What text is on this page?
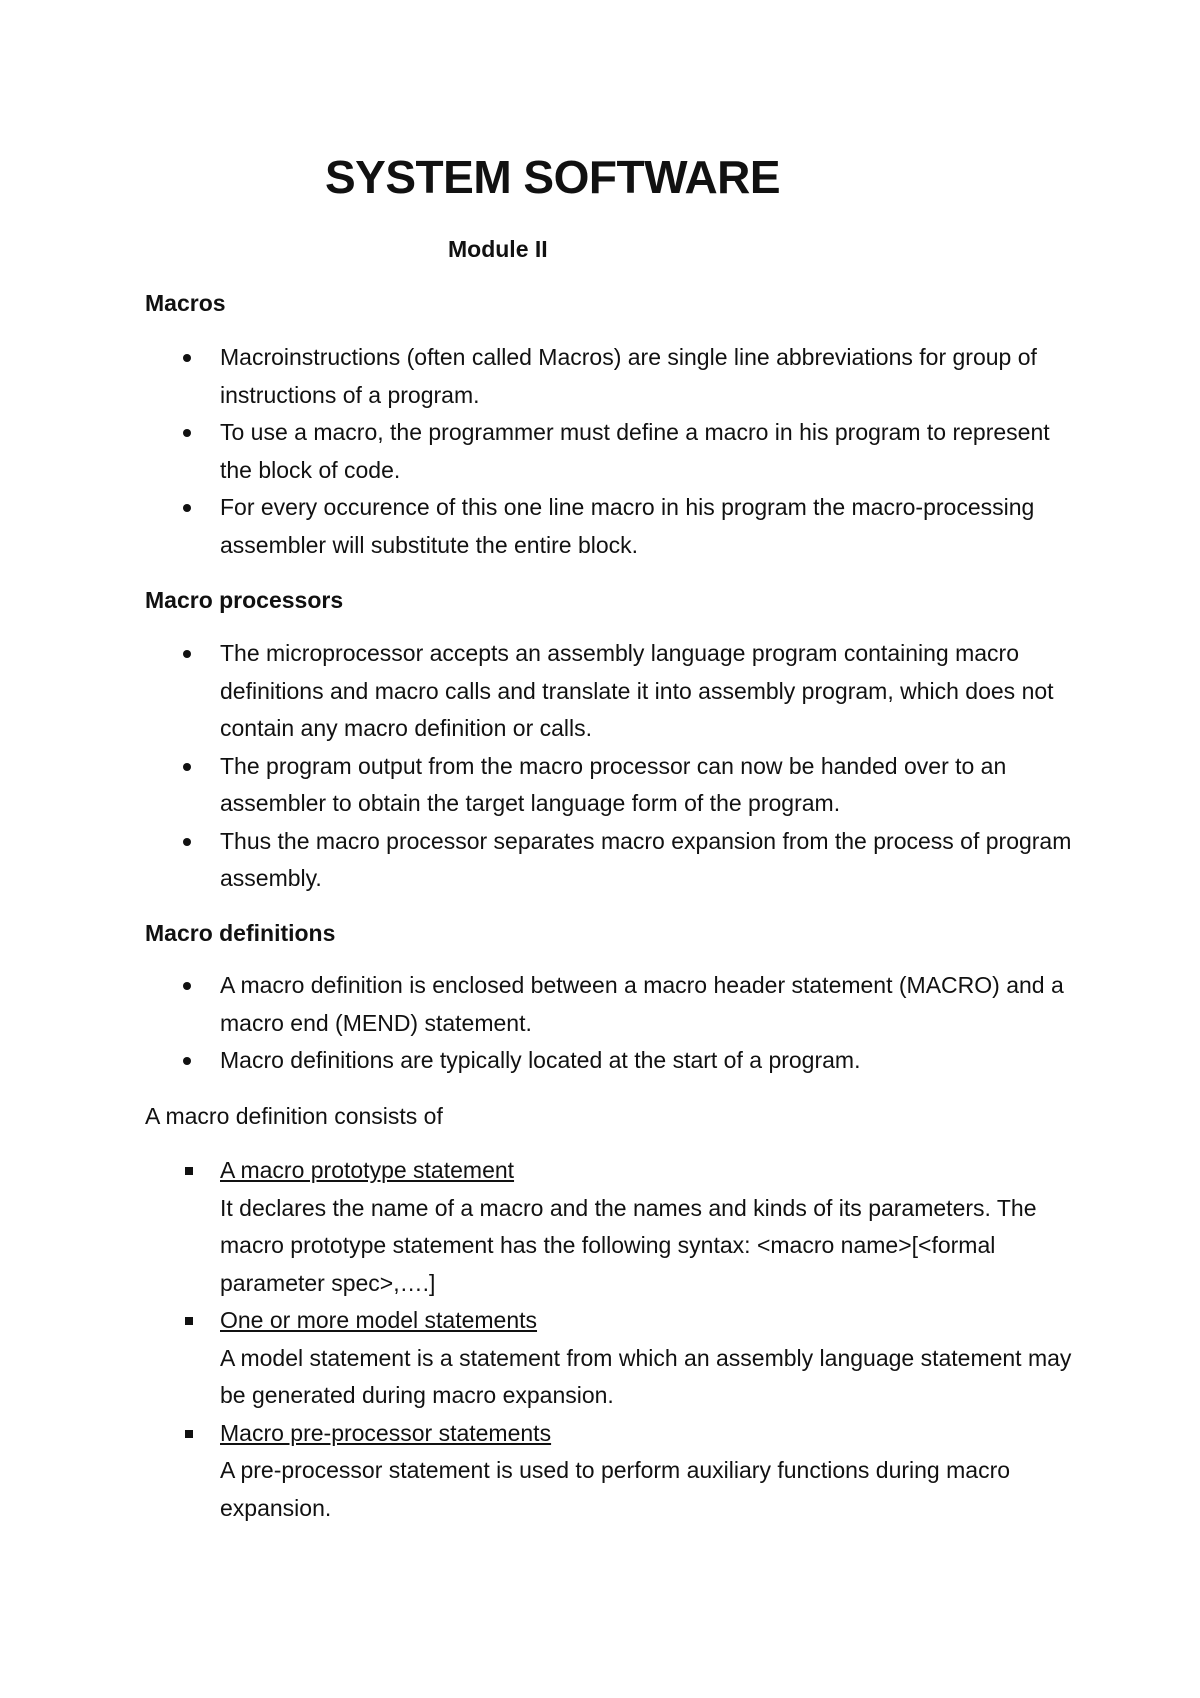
SYSTEM SOFTWARE
Module II
Macros
Macroinstructions (often called Macros) are single line abbreviations for group of instructions of a program.
To use a macro, the programmer must define a macro in his program to represent the block of code.
For every occurence of this one line macro in his program the macro-processing assembler will substitute the entire block.
Macro processors
The microprocessor accepts an assembly language program containing macro definitions and macro calls and translate it into assembly program, which does not contain any macro definition or calls.
The program output from the macro processor can now be handed over to an assembler to obtain the target language form of the program.
Thus the macro processor separates macro expansion from the process of program assembly.
Macro definitions
A macro definition is enclosed between a macro header statement (MACRO) and a macro end (MEND) statement.
Macro definitions are typically located at the start of a program.
A macro definition consists of
A macro prototype statement
It declares the name of a macro and the names and kinds of its parameters. The macro prototype statement has the following syntax: <macro name>[<formal parameter spec>,….]
One or more model statements
A model statement is a statement from which an assembly language statement may be generated during macro expansion.
Macro pre-processor statements
A pre-processor statement is used to perform auxiliary functions during macro expansion.
